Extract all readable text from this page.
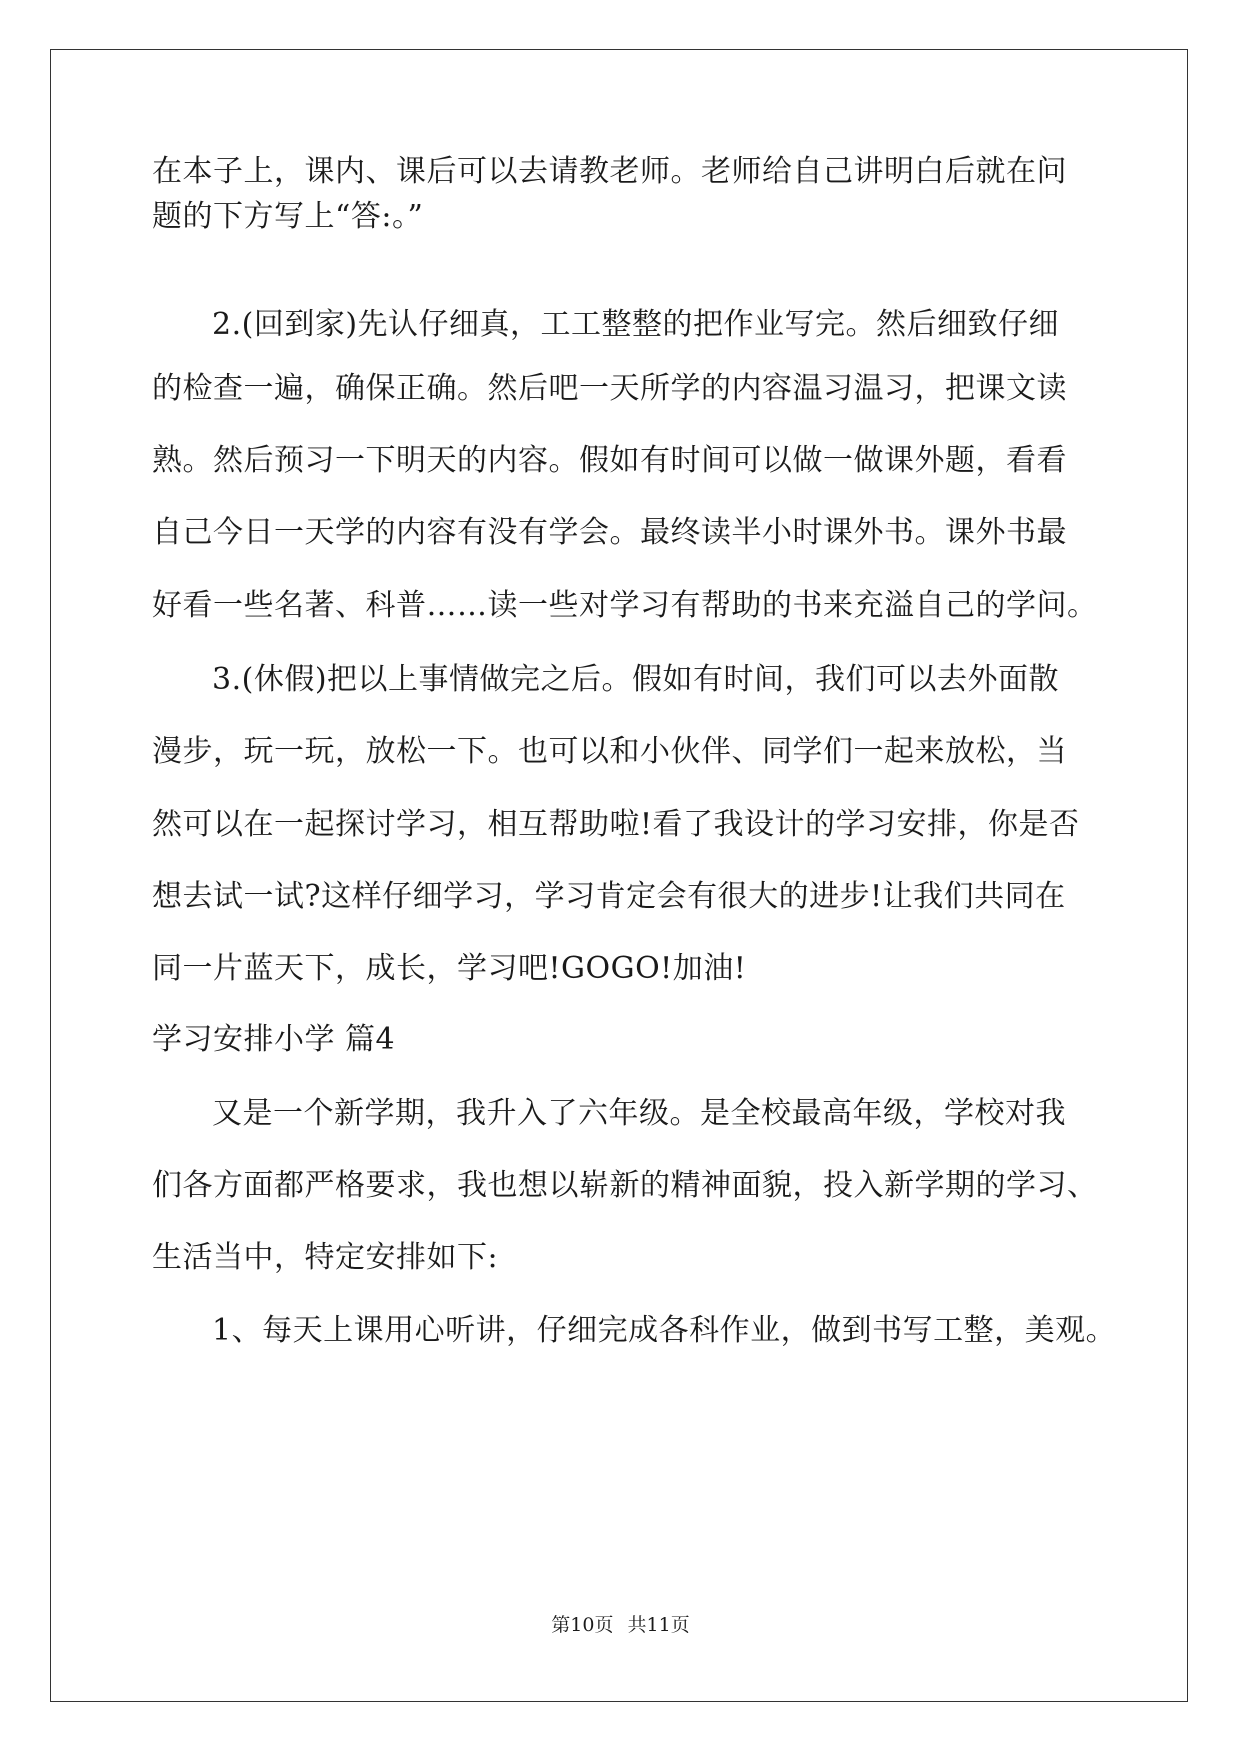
在本子上，课内、课后可以去请教老师。老师给自己讲明白后就在问
题的下方写上“答:。”
2.(回到家)先认仔细真，工工整整的把作业写完。然后细致仔细
的检查一遍，确保正确。然后吧一天所学的内容温习温习，把课文读
熟。然后预习一下明天的内容。假如有时间可以做一做课外题，看看
自己今日一天学的内容有没有学会。最终读半小时课外书。课外书最
好看一些名著、科普……读一些对学习有帮助的书来充溢自己的学问。
3.(休假)把以上事情做完之后。假如有时间，我们可以去外面散
漫步，玩一玩，放松一下。也可以和小伙伴、同学们一起来放松，当
然可以在一起探讨学习，相互帮助啦!看了我设计的学习安排，你是否
想去试一试?这样仔细学习，学习肯定会有很大的进步!让我们共同在
同一片蓝天下，成长，学习吧!GOGO!加油!
学习安排小学 篇4
又是一个新学期，我升入了六年级。是全校最高年级，学校对我
们各方面都严格要求，我也想以崭新的精神面貌，投入新学期的学习、
生活当中，特定安排如下:
1、每天上课用心听讲，仔细完成各科作业，做到书写工整，美观。
第10页 共11页
